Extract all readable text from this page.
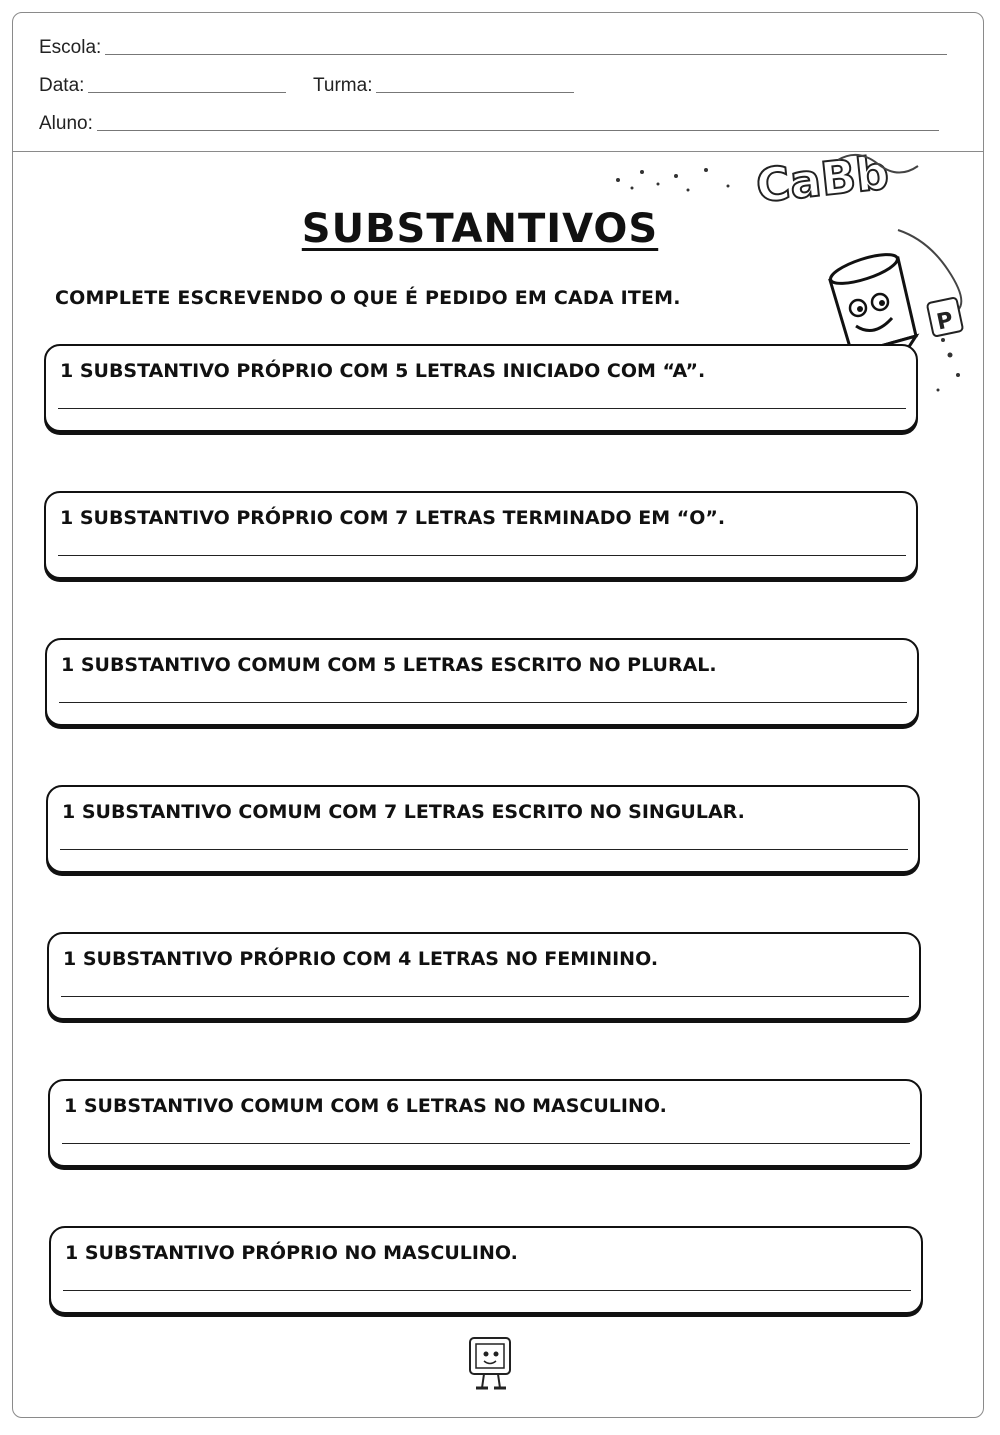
Escola:
Data:	Turma:
Aluno:
CaBb
P
SUBSTANTIVOS
COMPLETE ESCREVENDO O QUE É PEDIDO EM CADA ITEM.
1 SUBSTANTIVO PRÓPRIO COM 5 LETRAS INICIADO COM “A”.
1 SUBSTANTIVO PRÓPRIO COM 7 LETRAS TERMINADO EM “O”.
1 SUBSTANTIVO COMUM COM 5 LETRAS ESCRITO NO PLURAL.
1 SUBSTANTIVO COMUM COM 7 LETRAS ESCRITO NO SINGULAR.
1 SUBSTANTIVO PRÓPRIO COM 4 LETRAS NO FEMININO.
1 SUBSTANTIVO COMUM COM 6 LETRAS NO MASCULINO.
1 SUBSTANTIVO PRÓPRIO NO MASCULINO.
